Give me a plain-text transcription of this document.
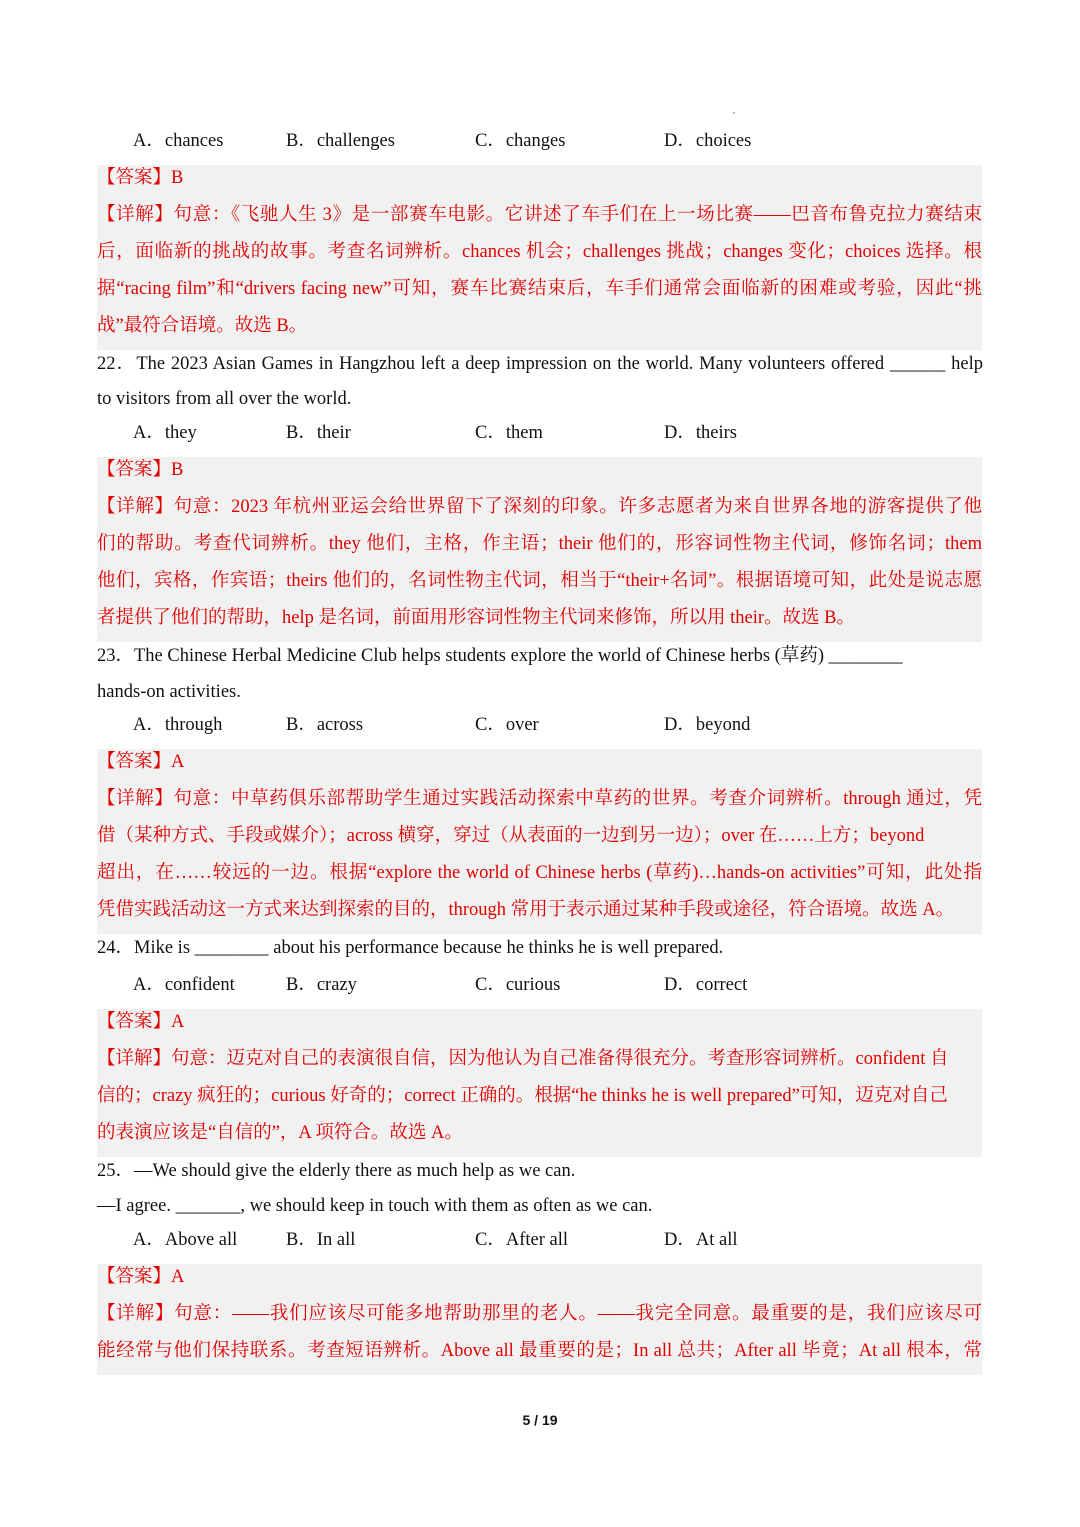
A．chances	B．challenges	C．changes	D．choices
【答案】B
【详解】句意：《飞驰人生 3》是一部赛车电影。它讲述了车手们在上一场比赛——巴音布鲁克拉力赛结束
后，面临新的挑战的故事。考查名词辨析。chances 机会；challenges 挑战；changes 变化；choices 选择。根
据“racing film”和“drivers facing new”可知，赛车比赛结束后，车手们通常会面临新的困难或考验，因此“挑
战”最符合语境。故选 B。
22．The 2023 Asian Games in Hangzhou left a deep impression on the world. Many volunteers offered ______ help
to visitors from all over the world.
A．they	B．their	C．them	D．theirs
【答案】B
【详解】句意：2023 年杭州亚运会给世界留下了深刻的印象。许多志愿者为来自世界各地的游客提供了他
们的帮助。考查代词辨析。they 他们，主格，作主语；their 他们的，形容词性物主代词，修饰名词；them
他们，宾格，作宾语；theirs 他们的，名词性物主代词，相当于“their+名词”。根据语境可知，此处是说志愿
者提供了他们的帮助，help 是名词，前面用形容词性物主代词来修饰，所以用 their。故选 B。
23．The Chinese Herbal Medicine Club helps students explore the world of Chinese herbs (草药) ________
hands-on activities.
A．through	B．across	C．over	D．beyond
【答案】A
【详解】句意：中草药俱乐部帮助学生通过实践活动探索中草药的世界。考查介词辨析。through 通过，凭
借（某种方式、手段或媒介）；across 横穿，穿过（从表面的一边到另一边）；over 在……上方；beyond
超出，在……较远的一边。根据“explore the world of Chinese herbs (草药)…hands-on activities”可知，此处指
凭借实践活动这一方式来达到探索的目的，through 常用于表示通过某种手段或途径，符合语境。故选 A。
24．Mike is ________ about his performance because he thinks he is well prepared.
A．confident	B．crazy	C．curious	D．correct
【答案】A
【详解】句意：迈克对自己的表演很自信，因为他认为自己准备得很充分。考查形容词辨析。confident 自
信的；crazy 疯狂的；curious 好奇的；correct 正确的。根据“he thinks he is well prepared”可知，迈克对自己
的表演应该是“自信的”，A 项符合。故选 A。
25．—We should give the elderly there as much help as we can.
—I agree. _______, we should keep in touch with them as often as we can.
A．Above all	B．In all	C．After all	D．At all
【答案】A
【详解】句意：——我们应该尽可能多地帮助那里的老人。——我完全同意。最重要的是，我们应该尽可
能经常与他们保持联系。考查短语辨析。Above all 最重要的是；In all 总共；After all 毕竟；At all 根本，常
5 / 19
